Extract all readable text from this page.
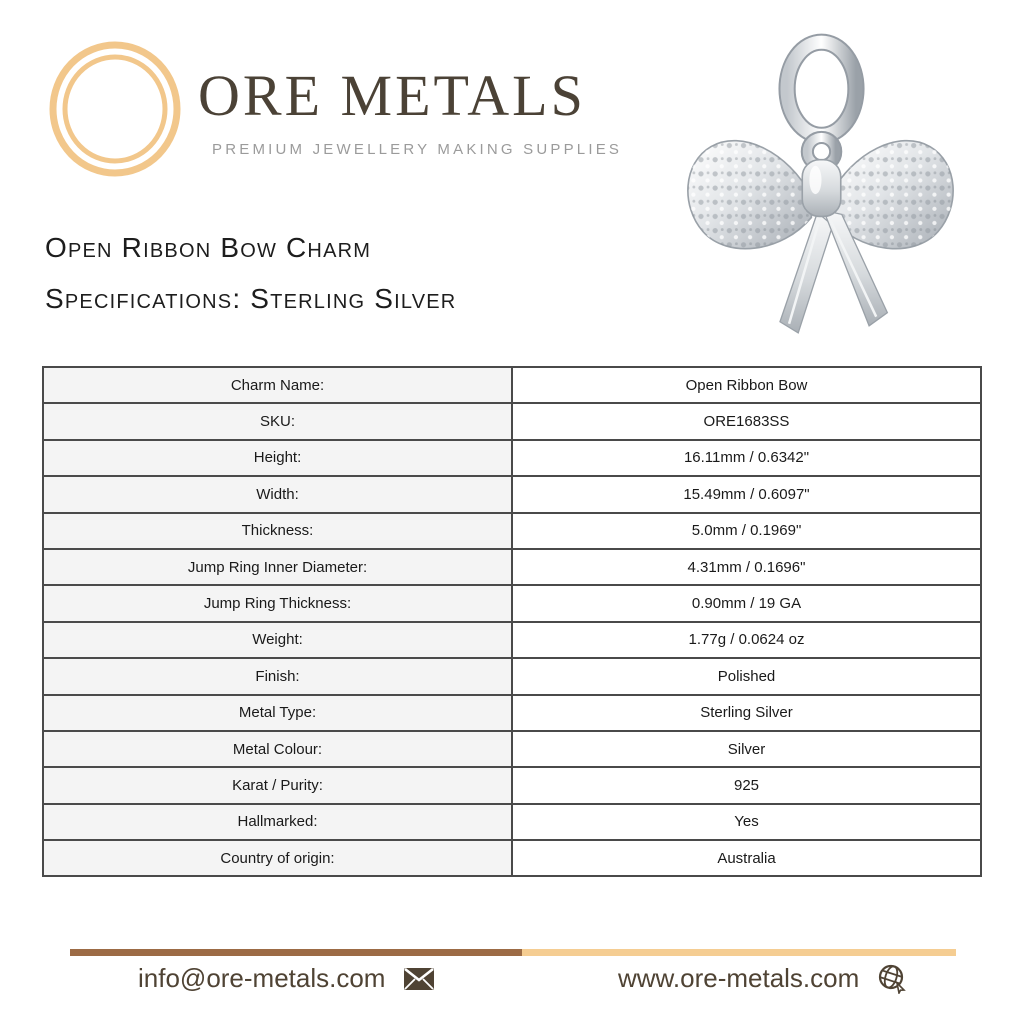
ORE METALS
PREMIUM JEWELLERY MAKING SUPPLIES
Open Ribbon Bow Charm
Specifications: Sterling Silver
Charm Name:	Open Ribbon Bow
SKU:	ORE1683SS
Height:	16.11mm / 0.6342"
Width:	15.49mm / 0.6097"
Thickness:	5.0mm / 0.1969"
Jump Ring Inner Diameter:	4.31mm / 0.1696"
Jump Ring Thickness:	0.90mm / 19 GA
Weight:	1.77g / 0.0624 oz
Finish:	Polished
Metal Type:	Sterling Silver
Metal Colour:	Silver
Karat / Purity:	925
Hallmarked:	Yes
Country of origin:	Australia
info@ore-metals.com	www.ore-metals.com
